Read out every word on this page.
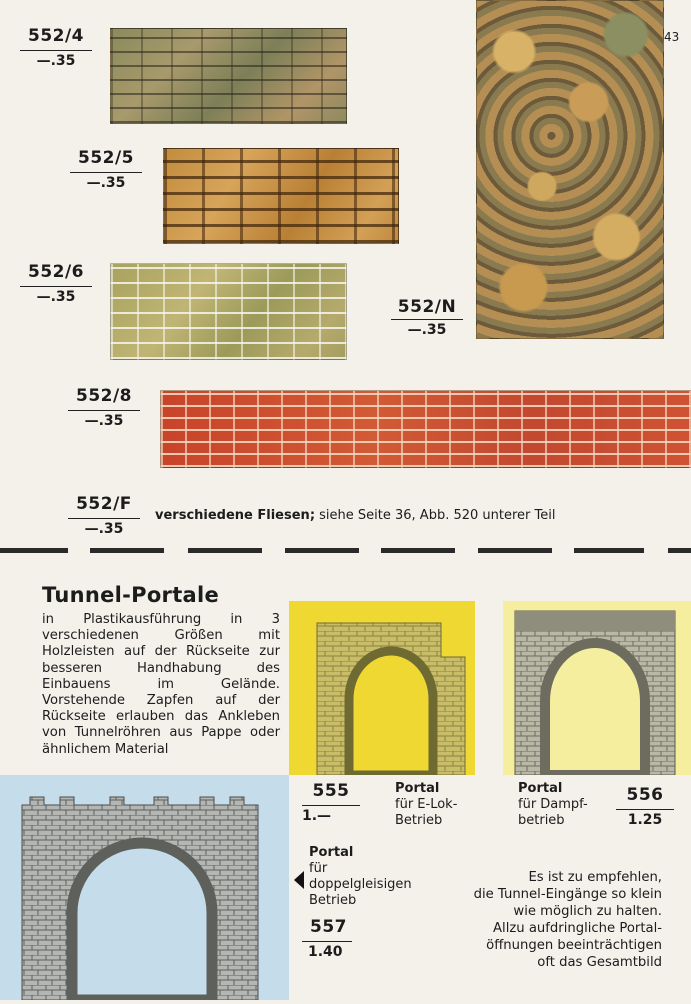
43
552/4
—.35
552/5
—.35
552/6
—.35	552/N
—.35
552/8
—.35
552/F
—.35
verschiedene Fliesen; siehe Seite 36, Abb. 520 unterer Teil
Tunnel-Portale
in Plastikausführung in 3 verschiedenen Größen mit Holzleisten auf der Rückseite zur besseren Handhabung des Einbauens im Gelände. Vorstehende Zapfen auf der Rückseite erlauben das Ankleben von Tunnelröhren aus Pappe oder ähnlichem Material
555
1.—
Portal
für E-Lok-
Betrieb
Portal
für Dampf-
betrieb
556
1.25
Portal
für
doppelgleisigen
Betrieb
557
1.40
Es ist zu empfehlen,
die Tunnel-Eingänge so klein
wie möglich zu halten.
Allzu aufdringliche Portal-
öffnungen beeinträchtigen
oft das Gesamtbild
